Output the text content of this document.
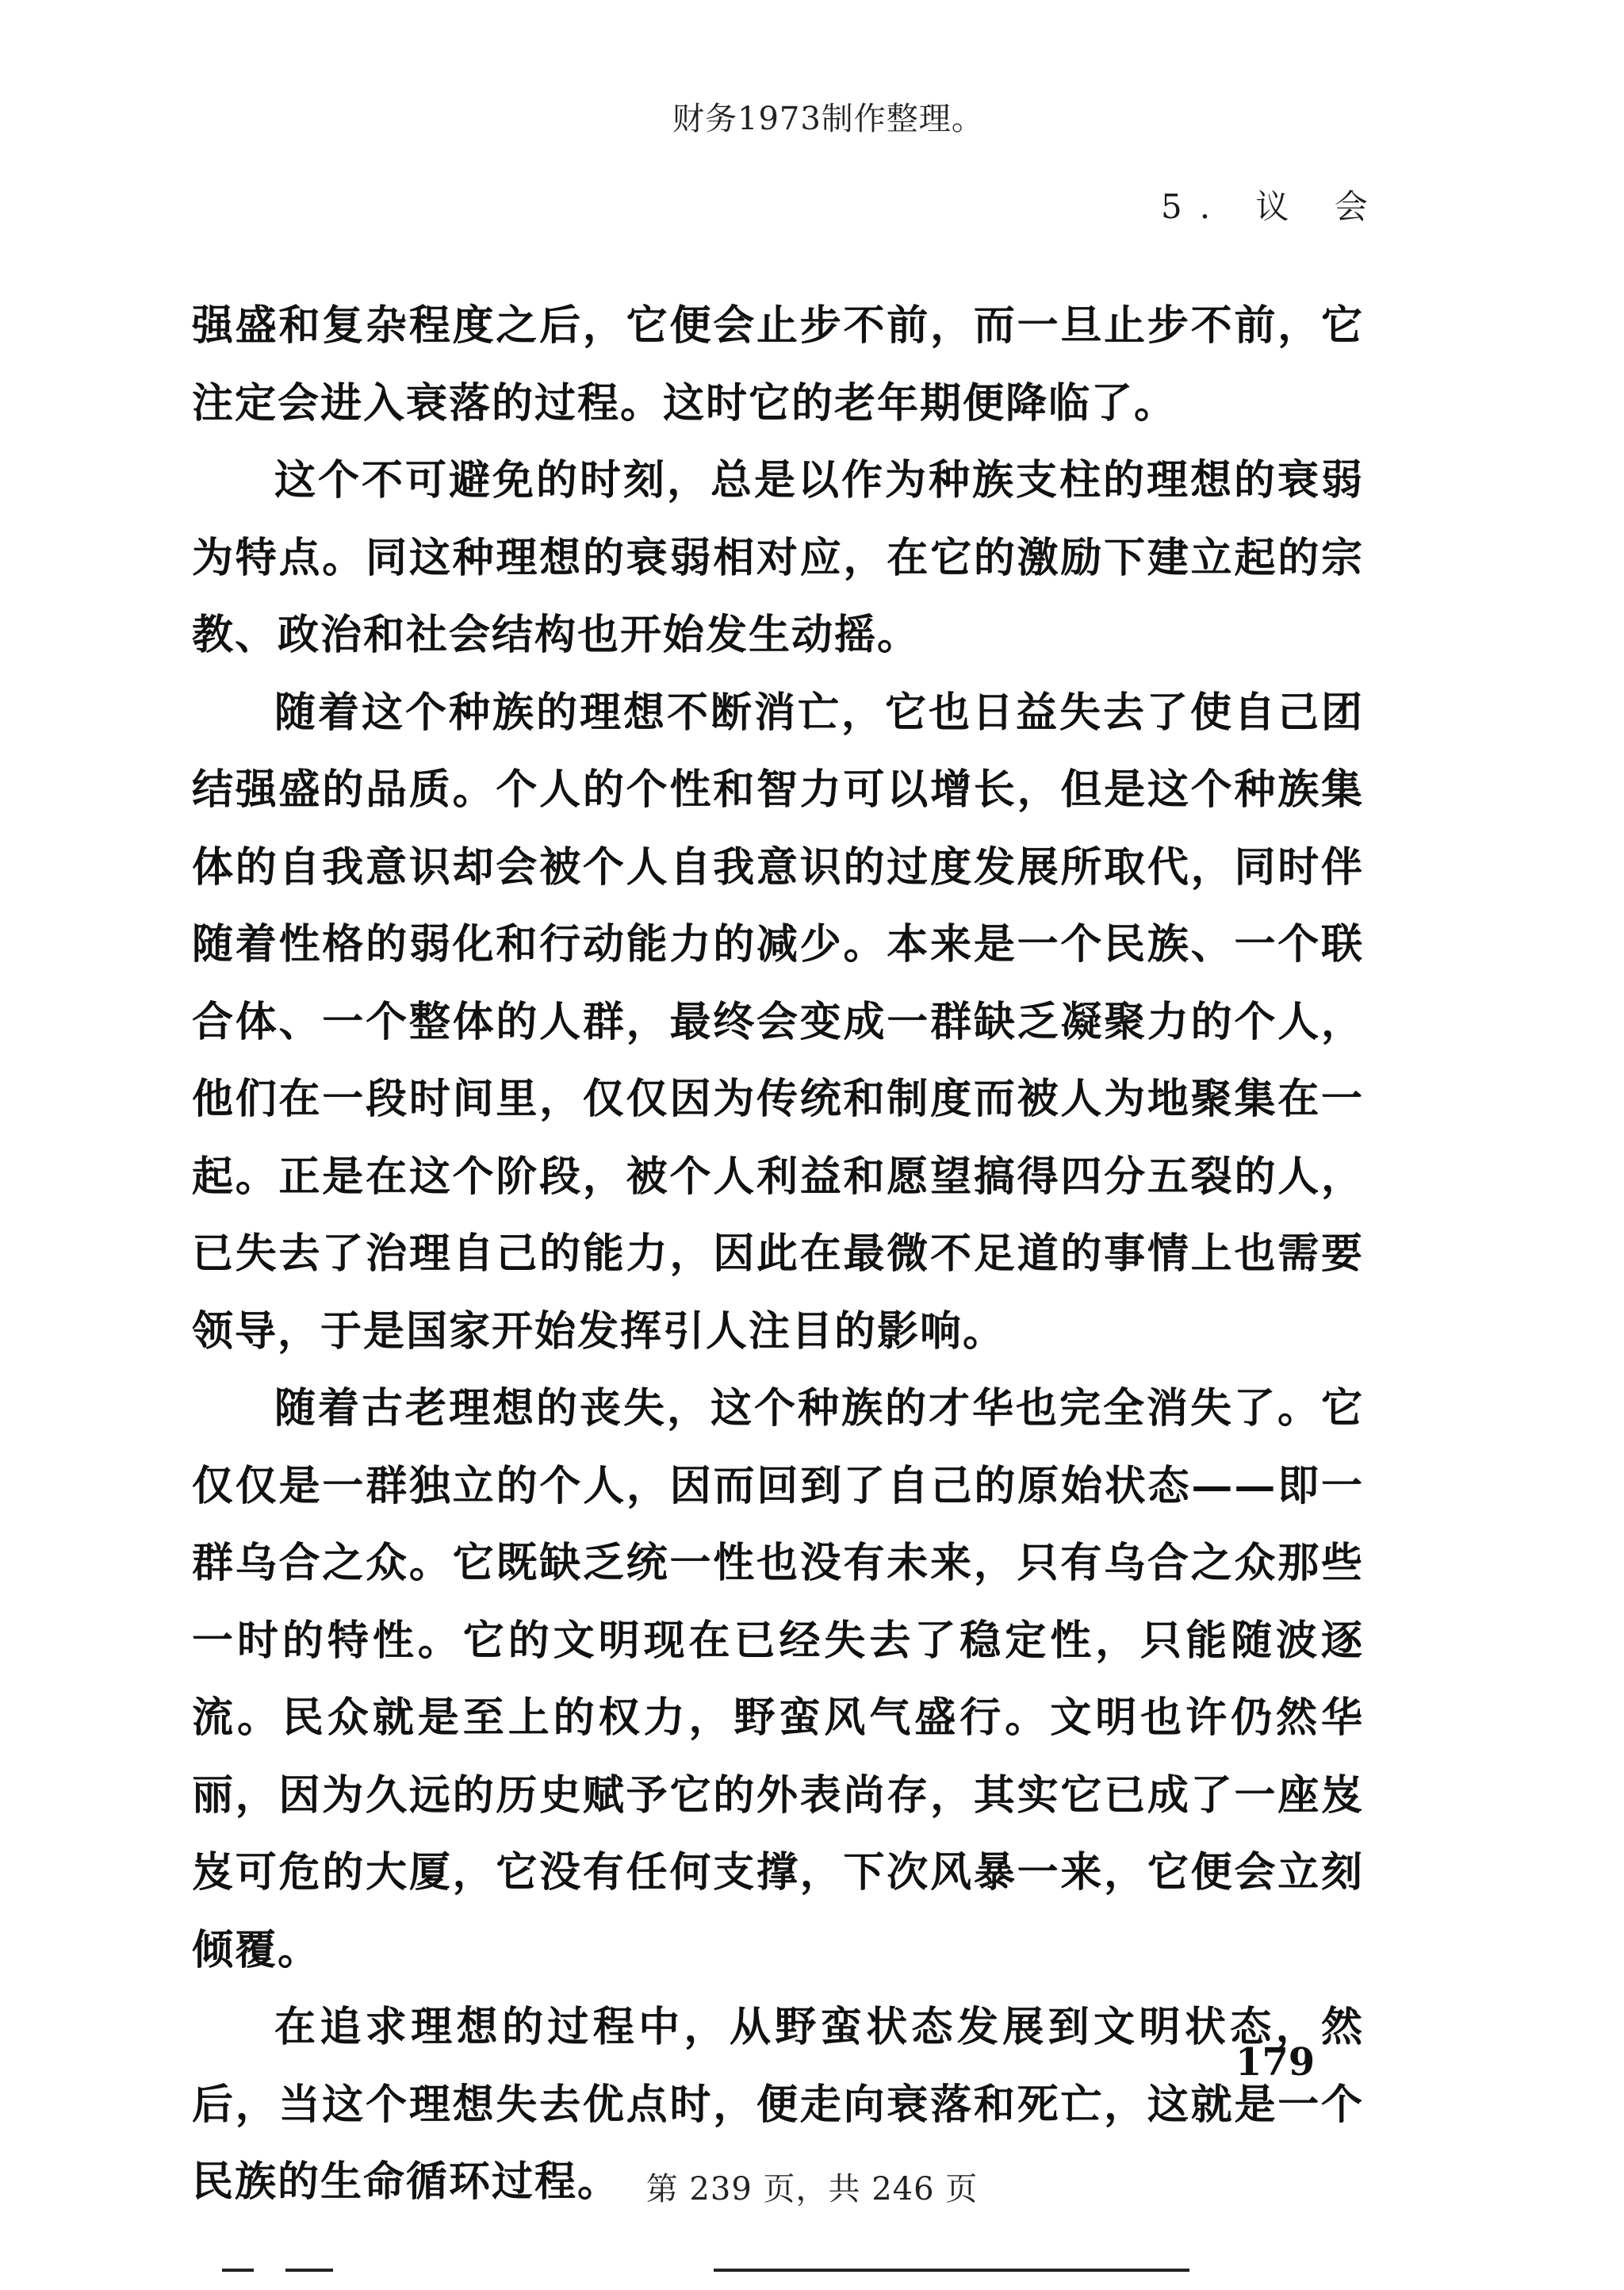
财务1973制作整理。
5. 议 会

强盛和复杂程度之后，它便会止步不前，而一旦止步不前，它注定会进入衰落的过程。这时它的老年期便降临了。

这个不可避免的时刻，总是以作为种族支柱的理想的衰弱为特点。同这种理想的衰弱相对应，在它的激励下建立起的宗教、政治和社会结构也开始发生动摇。

随着这个种族的理想不断消亡，它也日益失去了使自己团结强盛的品质。个人的个性和智力可以增长，但是这个种族集体的自我意识却会被个人自我意识的过度发展所取代，同时伴随着性格的弱化和行动能力的减少。本来是一个民族、一个联合体、一个整体的人群，最终会变成一群缺乏凝聚力的个人，他们在一段时间里，仅仅因为传统和制度而被人为地聚集在一起。正是在这个阶段，被个人利益和愿望搞得四分五裂的人，已失去了治理自己的能力，因此在最微不足道的事情上也需要领导，于是国家开始发挥引人注目的影响。

随着古老理想的丧失，这个种族的才华也完全消失了。它仅仅是一群独立的个人，因而回到了自己的原始状态——即一群乌合之众。它既缺乏统一性也没有未来，只有乌合之众那些一时的特性。它的文明现在已经失去了稳定性，只能随波逐流。民众就是至上的权力，野蛮风气盛行。文明也许仍然华丽，因为久远的历史赋予它的外表尚存，其实它已成了一座岌岌可危的大厦，它没有任何支撑，下次风暴一来，它便会立刻倾覆。

在追求理想的过程中，从野蛮状态发展到文明状态，然后，当这个理想失去优点时，便走向衰落和死亡，这就是一个民族的生命循环过程。

179
第 239 页，共 246 页
